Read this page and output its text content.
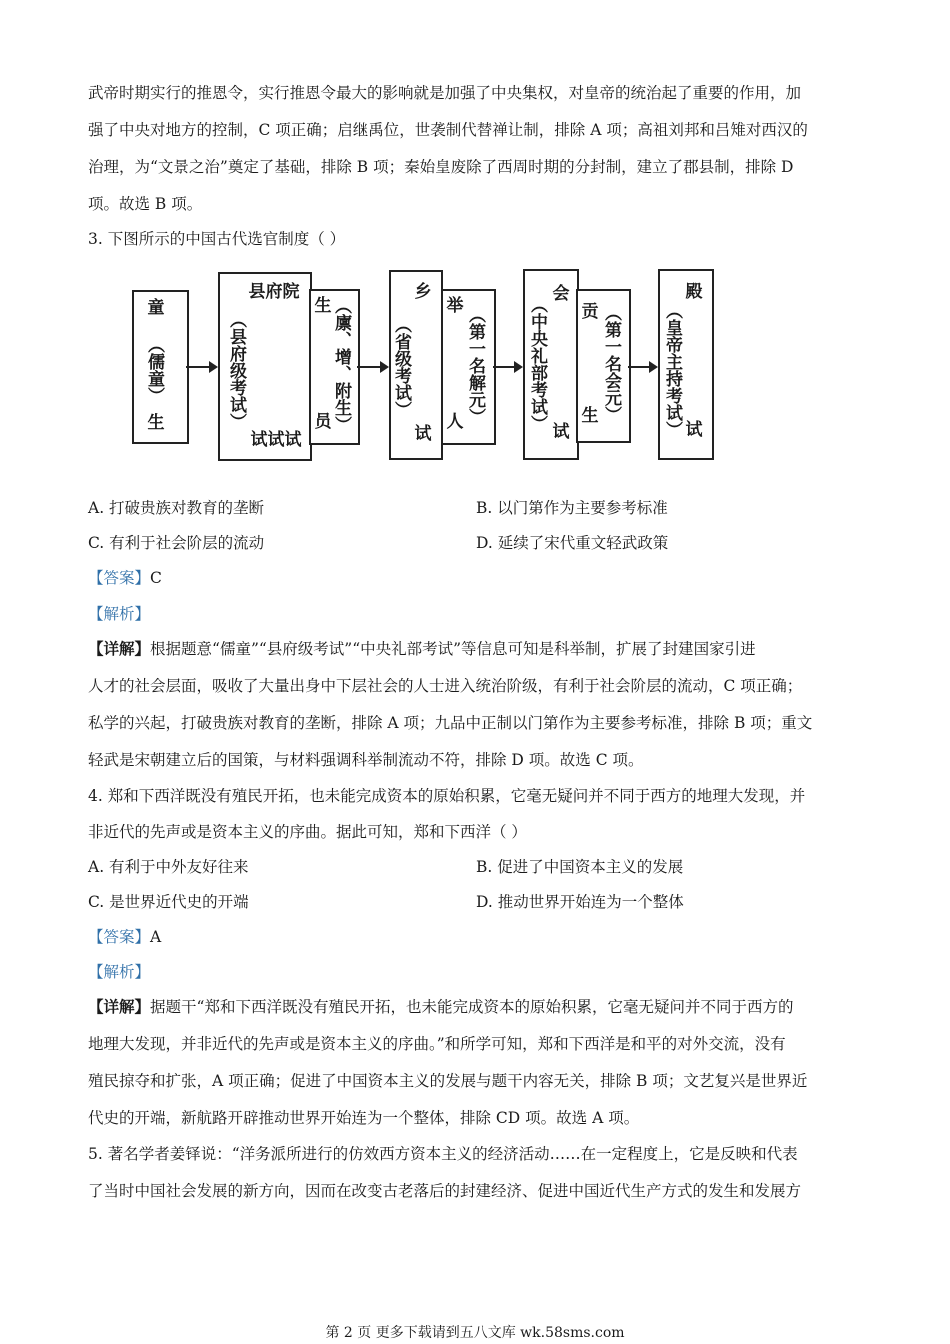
武帝时期实行的推恩令，实行推恩令最大的影响就是加强了中央集权，对皇帝的统治起了重要的作用，加
强了中央对地方的控制，C 项正确；启继禹位，世袭制代替禅让制，排除 A 项；高祖刘邦和吕雉对西汉的
治理，为“文景之治”奠定了基础，排除 B 项；秦始皇废除了西周时期的分封制，建立了郡县制，排除 D
项。故选 B 项。
3. 下图所示的中国古代选官制度（ ）
童
（儒童）
生
县府院
（县府级考试）
试试试
生 （廪、增、附生）
员
乡
（省级考试）
试
举 （第一名解元）
人
会
（中央礼部考试） 试
贡 （第一名会元）
生
殿
（皇帝主持考试） 试
A. 打破贵族对教育的垄断	B. 以门第作为主要参考标准
C. 有利于社会阶层的流动	D. 延续了宋代重文轻武政策
【答案】C
【解析】
【详解】根据题意“儒童”“县府级考试”“中央礼部考试”等信息可知是科举制，扩展了封建国家引进
人才的社会层面，吸收了大量出身中下层社会的人士进入统治阶级，有利于社会阶层的流动，C 项正确；
私学的兴起，打破贵族对教育的垄断，排除 A 项；九品中正制以门第作为主要参考标准，排除 B 项；重文
轻武是宋朝建立后的国策，与材料强调科举制流动不符，排除 D 项。故选 C 项。
4. 郑和下西洋既没有殖民开拓，也未能完成资本的原始积累，它毫无疑问并不同于西方的地理大发现，并
非近代的先声或是资本主义的序曲。据此可知，郑和下西洋（ ）
A. 有利于中外友好往来	B. 促进了中国资本主义的发展
C. 是世界近代史的开端	D. 推动世界开始连为一个整体
【答案】A
【解析】
【详解】据题干“郑和下西洋既没有殖民开拓，也未能完成资本的原始积累，它毫无疑问并不同于西方的
地理大发现，并非近代的先声或是资本主义的序曲。”和所学可知，郑和下西洋是和平的对外交流，没有
殖民掠夺和扩张，A 项正确；促进了中国资本主义的发展与题干内容无关，排除 B 项；文艺复兴是世界近
代史的开端，新航路开辟推动世界开始连为一个整体，排除 CD 项。故选 A 项。
5. 著名学者姜铎说：“洋务派所进行的仿效西方资本主义的经济活动……在一定程度上，它是反映和代表
了当时中国社会发展的新方向，因而在改变古老落后的封建经济、促进中国近代生产方式的发生和发展方
第 2 页 更多下载请到五八文库 wk.58sms.com
